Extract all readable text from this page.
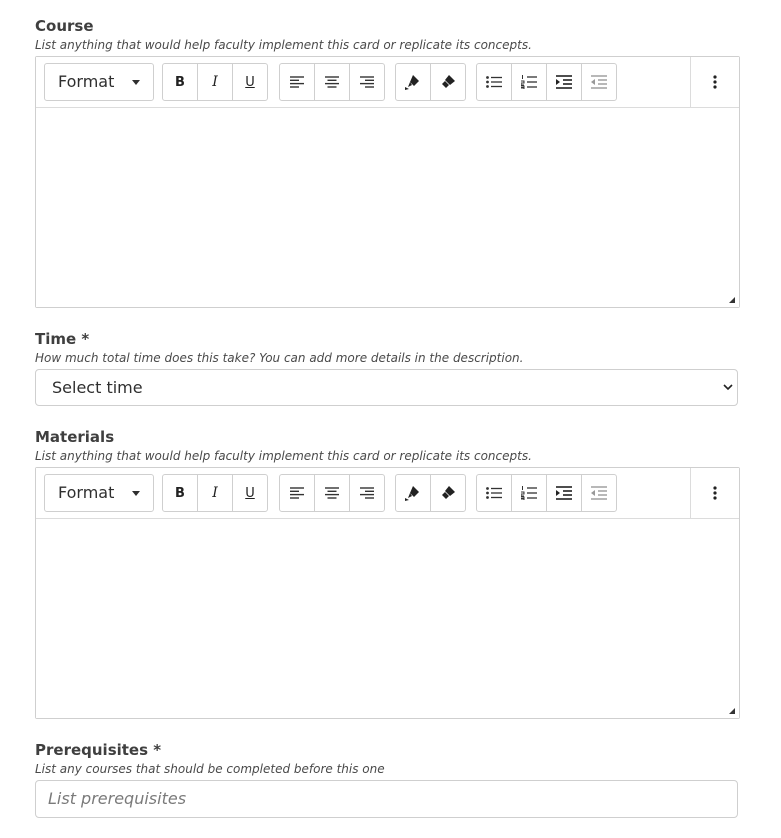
Course
List anything that would help faculty implement this card or replicate its concepts.
Format	B	I	U
Time *
How much total time does this take? You can add more details in the description.
Select time
Materials
List anything that would help faculty implement this card or replicate its concepts.
Format	B	I	U
Prerequisites *
List any courses that should be completed before this one
List prerequisites
